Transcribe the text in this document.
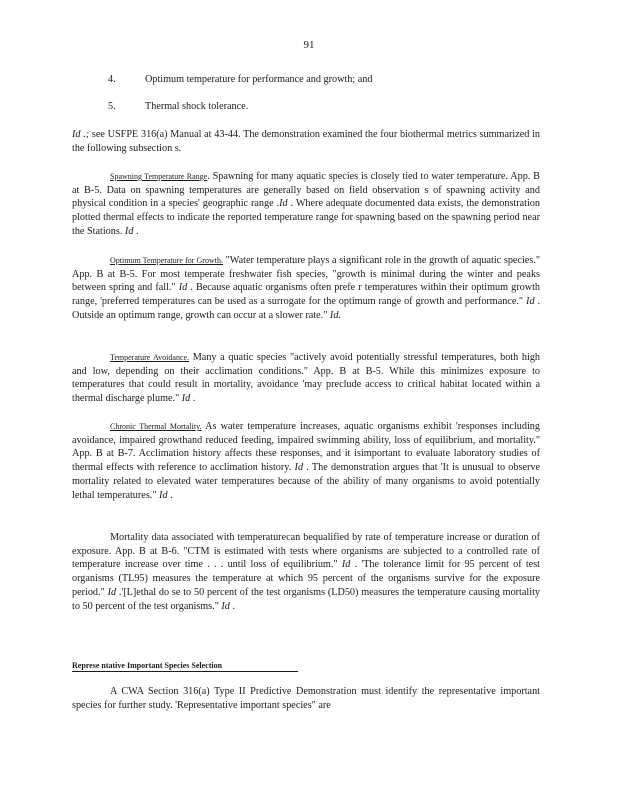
91
4.	Optimum temperature for performance and growth; and
5.	Thermal shock tolerance.

Id .; see USFPE 316(a) Manual at 43-44. The demonstration examined the four biothermal metrics summarized in the following subsection s.

Spawning Temperature Range. Spawning for many aquatic species is closely tied to water temperature. App. B at B-5. Data on spawning temperatures are generally based on field observation s of spawning activity and physical condition in a species' geographic range .Id . Where adequate documented data exists, the demonstration plotted thermal effects to indicate the reported temperature range for spawning based on the spawning period near the Stations. Id .

Optimum Temperature for Growth. "Water temperature plays a significant role in the growth of aquatic species." App. B at B-5. For most temperate freshwater fish species, "growth is minimal during the winter and peaks between spring and fall." Id . Because aquatic organisms often prefe r temperatures within their optimum growth range, 'preferred temperatures can be used as a surrogate for the optimum range of growth and performance." Id . Outside an optimum range, growth can occur at a slower rate." Id.

Temperature Avoidance. Many a quatic species "actively avoid potentially stressful temperatures, both high and low, depending on their acclimation conditions." App. B at B-5. While this minimizes exposure to temperatures that could result in mortality, avoidance 'may preclude access to critical habitat located within a thermal discharge plume." Id .

Chronic Thermal Mortality. As water temperature increases, aquatic organisms exhibit 'responses including avoidance, impaired growthand reduced feeding, impaired swimming ability, loss of equilibrium, and mortality." App. B at B-7. Acclimation history affects these responses, and it isimportant to evaluate laboratory studies of thermal effects with reference to acclimation history. Id . The demonstration argues that 'It is unusual to observe mortality related to elevated water temperatures because of the ability of many organisms to avoid potentially lethal temperatures." Id .

Mortality data associated with temperaturecan bequalified by rate of temperature increase or duration of exposure. App. B at B-6. "CTM is estimated with tests where organisms are subjected to a controlled rate of temperature increase over time . . . until loss of equilibrium." Id . 'The tolerance limit for 95 percent of test organisms (TL95) measures the temperature at which 95 percent of the organisms survive for the exposure period." Id .'[L]ethal do se to 50 percent of the test organisms (LD50) measures the temperature causing mortality to 50 percent of the test organisms." Id .

Represe ntative Important Species Selection

A CWA Section 316(a) Type II Predictive Demonstration must identify the representative important species for further study. 'Representative important species" are
